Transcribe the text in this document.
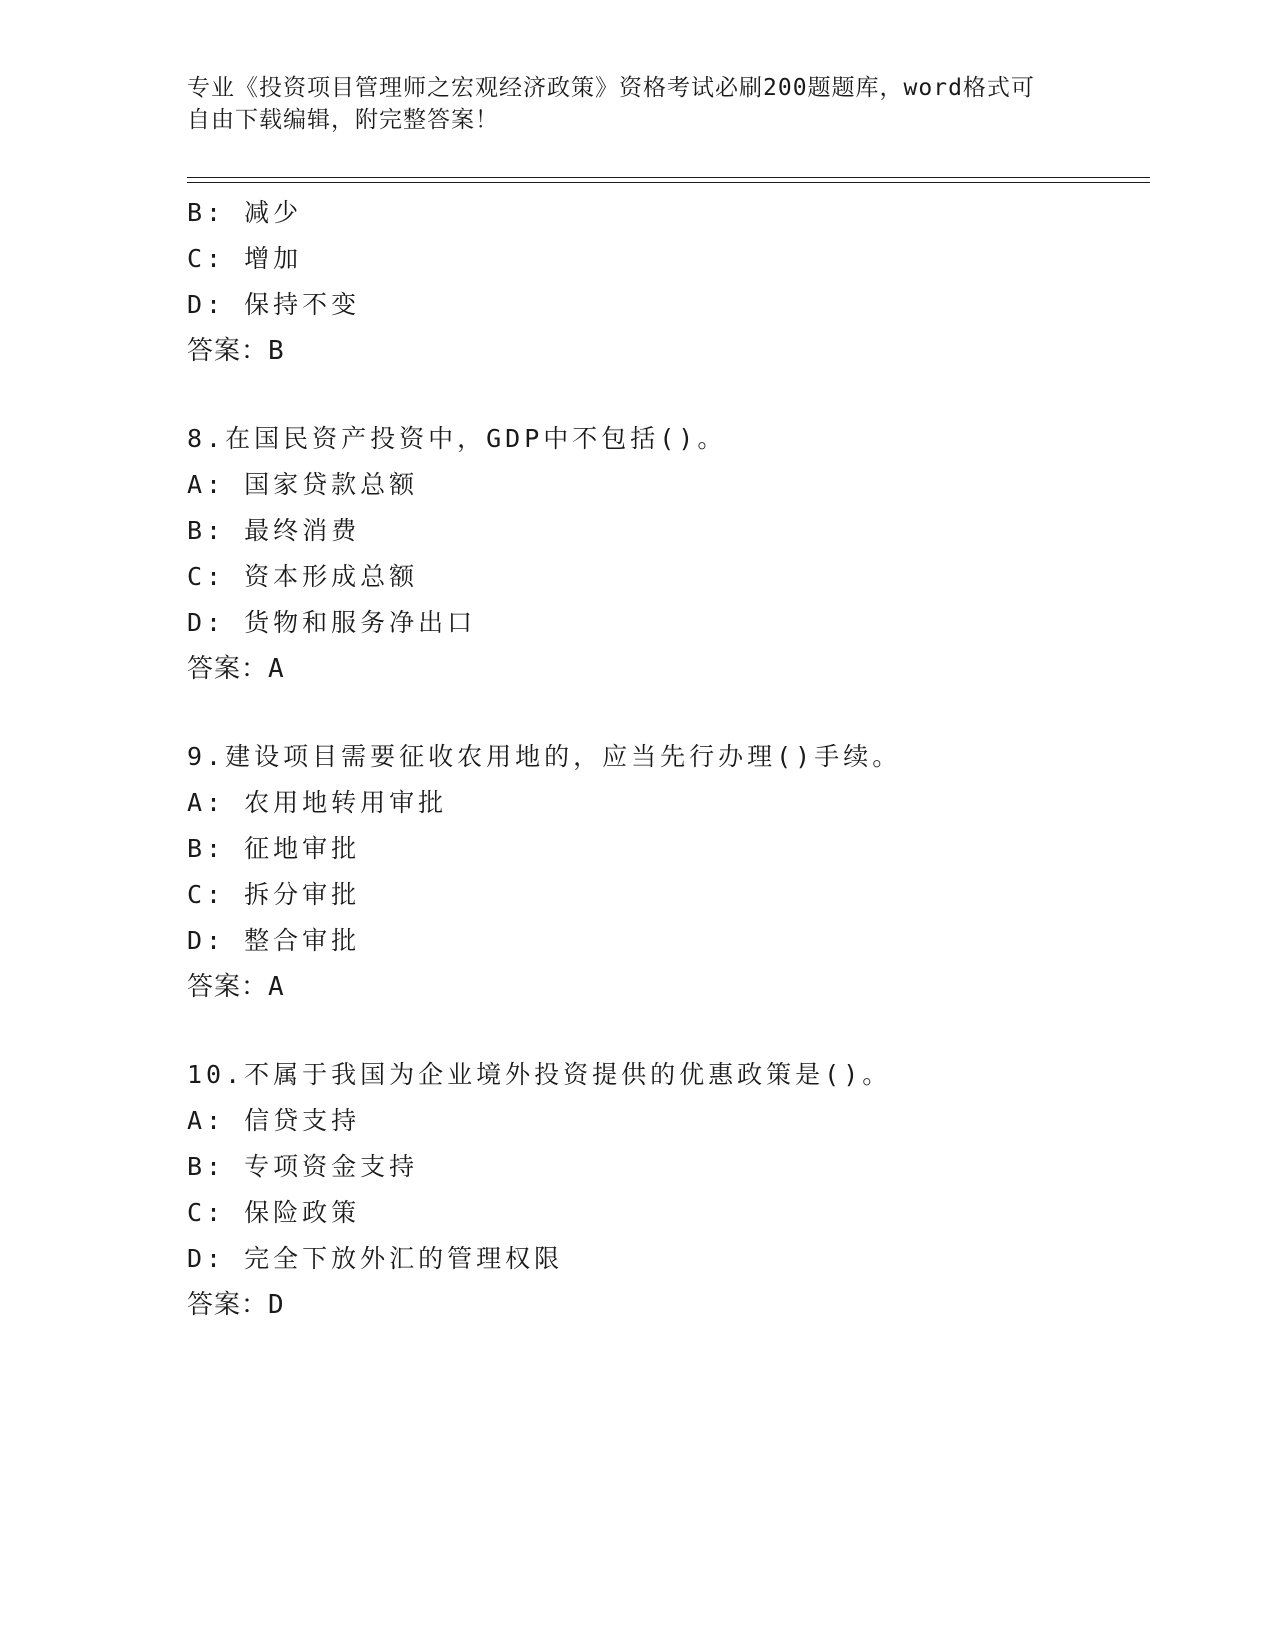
专业《投资项目管理师之宏观经济政策》资格考试必刷200题题库，word格式可
自由下载编辑，附完整答案！
B: 减少
C: 增加
D: 保持不变
答案：B
8.在国民资产投资中，GDP中不包括()。
A: 国家贷款总额
B: 最终消费
C: 资本形成总额
D: 货物和服务净出口
答案：A
9.建设项目需要征收农用地的，应当先行办理()手续。
A: 农用地转用审批
B: 征地审批
C: 拆分审批
D: 整合审批
答案：A
10.不属于我国为企业境外投资提供的优惠政策是()。
A: 信贷支持
B: 专项资金支持
C: 保险政策
D: 完全下放外汇的管理权限
答案：D
